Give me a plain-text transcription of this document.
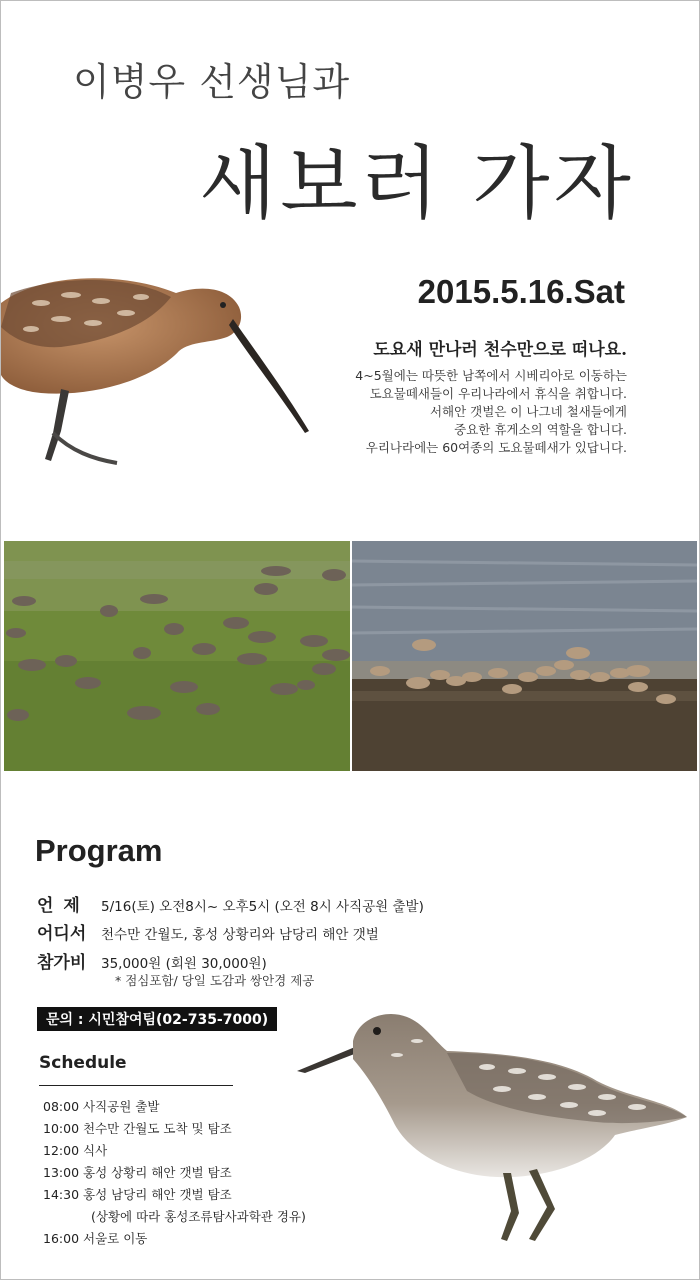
이병우 선생님과
새보러 가자
2015.5.16.Sat
도요새 만나러 천수만으로 떠나요.
4~5월에는 따뜻한 남쪽에서 시베리아로 이동하는
도요물떼새들이 우리나라에서 휴식을 취합니다.
서해안 갯벌은 이 나그네 철새들에게
중요한 휴게소의 역할을 합니다.
우리나라에는 60여종의 도요물떼새가 있답니다.
Program
언제 5/16(토) 오전8시~ 오후5시 (오전 8시 사직공원 출발)
어디서	천수만 간월도, 홍성 상황리와 남당리 해안 갯벌
참가비	35,000원 (회원 30,000원)
* 점심포함/ 당일 도감과 쌍안경 제공
문의 : 시민참여팀(02-735-7000)
Schedule
08:00 사직공원 출발
10:00 천수만 간월도 도착 및 탐조
12:00 식사
13:00 홍성 상황리 해안 갯벌 탐조
14:30 홍성 남당리 해안 갯벌 탐조
(상황에 따라 홍성조류탐사과학관 경유)
16:00 서울로 이동
